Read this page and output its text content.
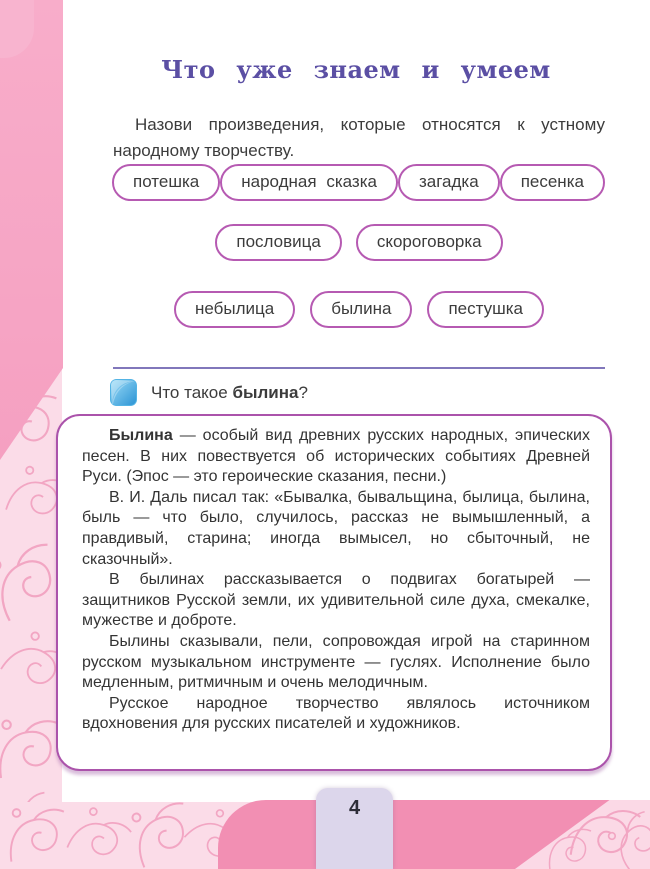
Что уже знаем и умеем

Назови произведения, которые относятся к устному народному творчеству.

потешка	народная сказка	загадка	песенка
пословица	скороговорка
небылица	былина	пестушка
Что такое былина?

Былина — особый вид древних русских народных, эпических песен. В них повествуется об исторических событиях Древней Руси. (Эпос — это героические сказания, песни.)

В. И. Даль писал так: «Бывалка, бывальщина, былица, былина, быль — что было, случилось, рассказ не вымышленный, а правдивый, старина; иногда вымысел, но сбыточный, не сказочный».

В былинах рассказывается о подвигах богатырей — защитников Русской земли, их удивительной силе духа, смекалке, мужестве и доброте.

Былины сказывали, пели, сопровождая игрой на старинном русском музыкальном инструменте — гуслях. Исполнение было медленным, ритмичным и очень мелодичным.

Русское народное творчество являлось источником вдохновения для русских писателей и художников.

4
